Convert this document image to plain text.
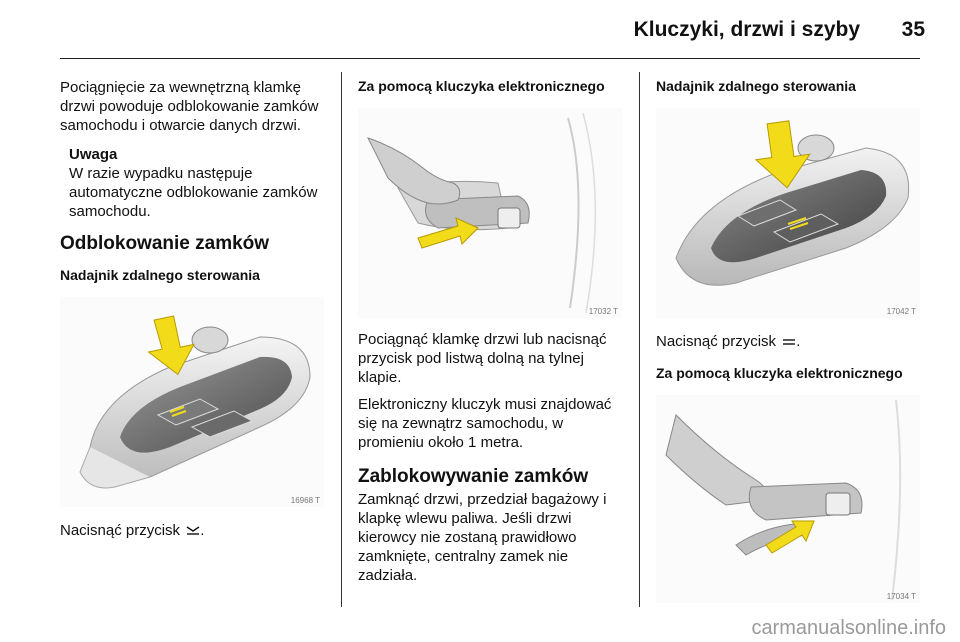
Kluczyki, drzwi i szyby	35

Pociągnięcie za wewnętrzną klamkę drzwi powoduje odblokowanie zamków samochodu i otwarcie danych drzwi.

Uwaga

W razie wypadku następuje automatyczne odblokowanie zamków samochodu.

Odblokowanie zamków
Nadajnik zdalnego sterowania
16968 T

Nacisnąć przycisk .

Za pomocą kluczyka elektronicznego
17032 T

Pociągnąć klamkę drzwi lub nacisnąć przycisk pod listwą dolną na tylnej klapie.

Elektroniczny kluczyk musi znajdować się na zewnątrz samochodu, w promieniu około 1 metra.

Zablokowywanie zamków

Zamknąć drzwi, przedział bagażowy i klapkę wlewu paliwa. Jeśli drzwi kierowcy nie zostaną prawidłowo zamknięte, centralny zamek nie zadziała.

Nadajnik zdalnego sterowania
17042 T

Nacisnąć przycisk .

Za pomocą kluczyka elektronicznego
17034 T
carmanualsonline.info
